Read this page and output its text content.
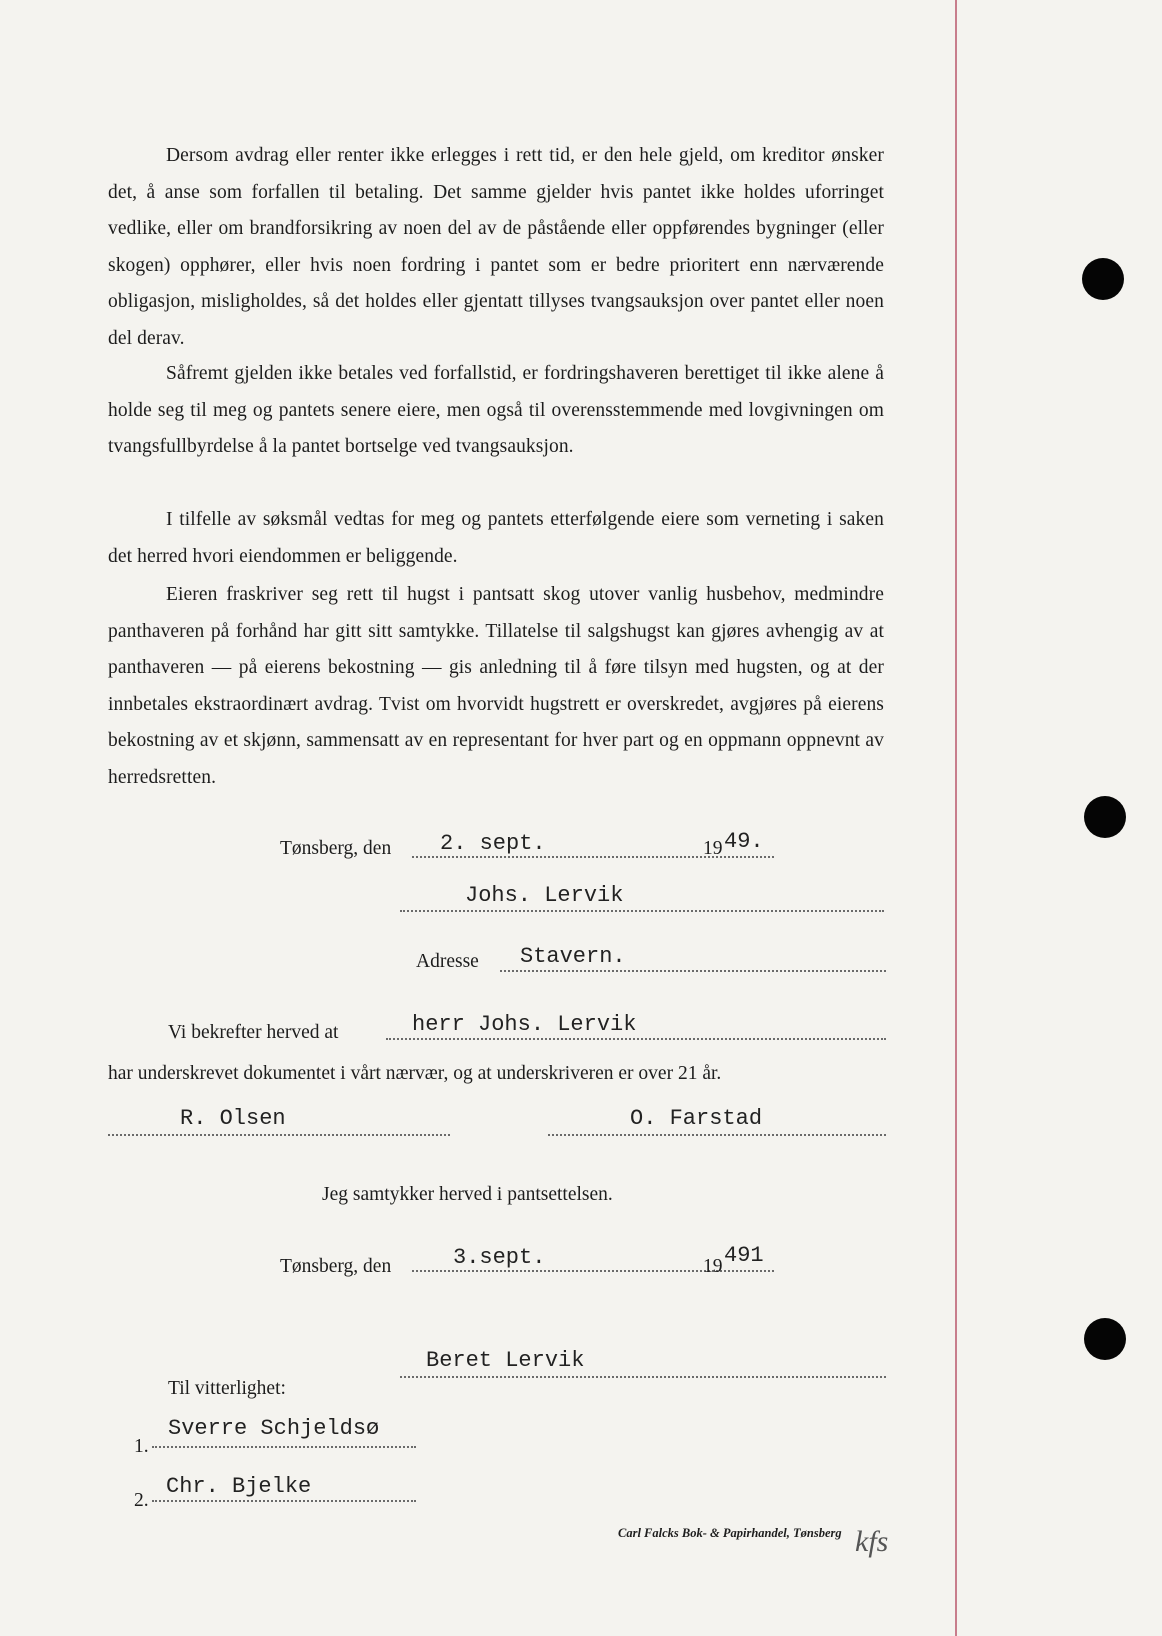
Dersom avdrag eller renter ikke erlegges i rett tid, er den hele gjeld, om kreditor ønsker det, å anse som forfallen til betaling. Det samme gjelder hvis pantet ikke holdes uforringet vedlike, eller om brandforsikring av noen del av de påstående eller oppførendes bygninger (eller skogen) opphører, eller hvis noen fordring i pantet som er bedre prioritert enn nærværende obligasjon, misligholdes, så det holdes eller gjentatt tillyses tvangsauksjon over pantet eller noen del derav.

Såfremt gjelden ikke betales ved forfallstid, er fordringshaveren berettiget til ikke alene å holde seg til meg og pantets senere eiere, men også til overensstemmende med lovgivningen om tvangsfullbyrdelse å la pantet bortselge ved tvangsauksjon.

I tilfelle av søksmål vedtas for meg og pantets etterfølgende eiere som verneting i saken det herred hvori eiendommen er beliggende.

Eieren fraskriver seg rett til hugst i pantsatt skog utover vanlig husbehov, medmindre panthaveren på forhånd har gitt sitt samtykke. Tillatelse til salgshugst kan gjøres avhengig av at panthaveren — på eierens bekostning — gis anledning til å føre tilsyn med hugsten, og at der innbetales ekstraordinært avdrag. Tvist om hvorvidt hugstrett er overskredet, avgjøres på eierens bekostning av et skjønn, sammensatt av en representant for hver part og en oppmann oppnevnt av herredsretten.

Tønsberg, den 2. sept.	19 49.
Johs. Lervik
Adresse Stavern.
Vi bekrefter herved at	herr Johs. Lervik
har underskrevet dokumentet i vårt nærvær, og at underskriveren er over 21 år.
R. Olsen	O. Farstad
Jeg samtykker herved i pantsettelsen.
Tønsberg, den	3.sept.	19 491
Beret Lervik
Til vitterlighet:
1.
Sverre Schjeldsø
2.
Chr. Bjelke
Carl Falcks Bok- & Papirhandel, Tønsberg kfs
